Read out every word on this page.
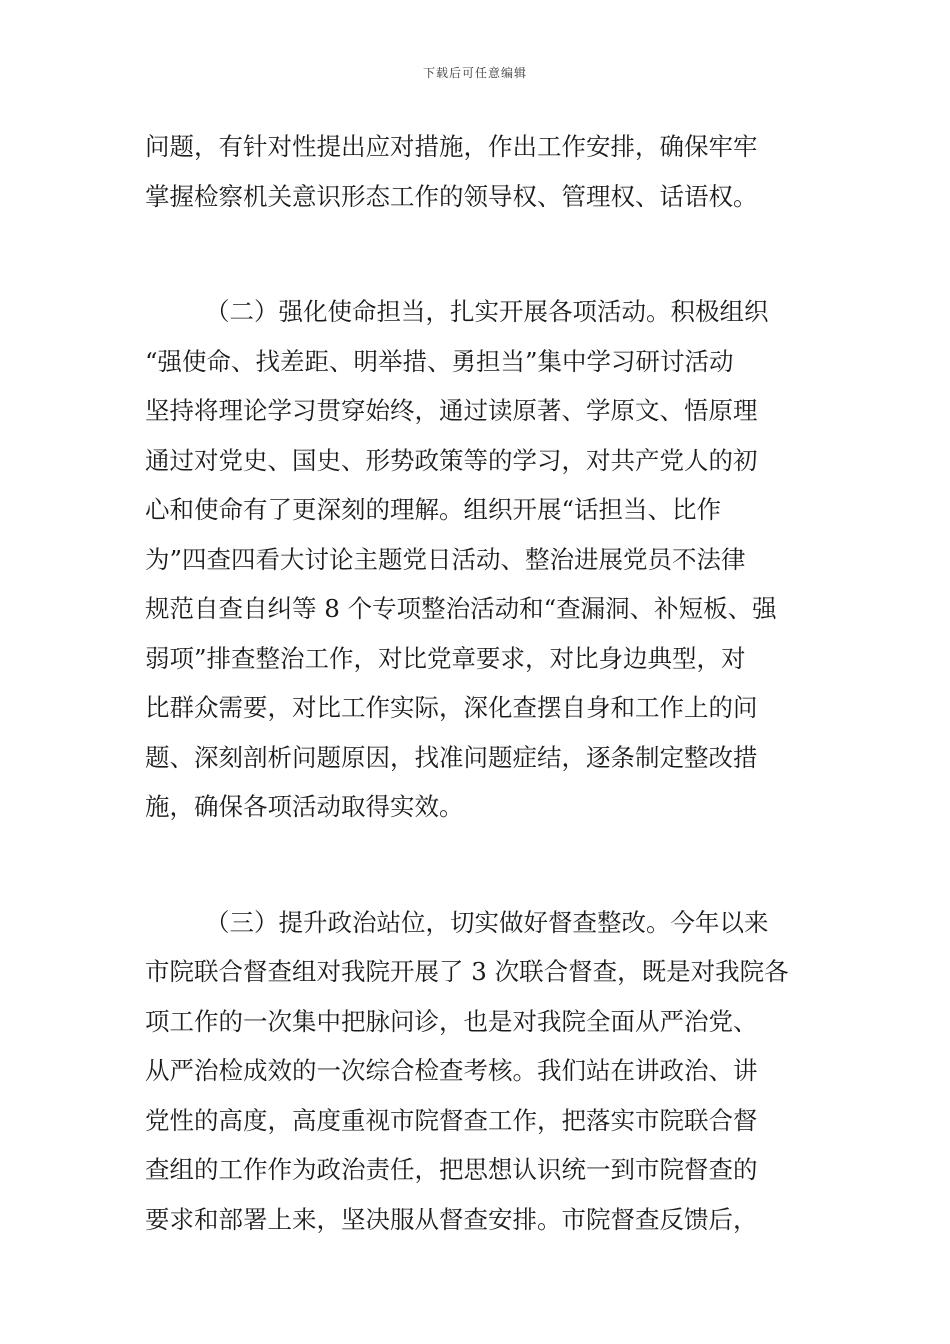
下载后可任意编辑
问题，有针对性提出应对措施，作出工作安排，确保牢牢
掌握检察机关意识形态工作的领导权、管理权、话语权。
（二）强化使命担当，扎实开展各项活动。积极组织
“强使命、找差距、明举措、勇担当”集中学习研讨活动
坚持将理论学习贯穿始终，通过读原著、学原文、悟原理
通过对党史、国史、形势政策等的学习，对共产党人的初
心和使命有了更深刻的理解。组织开展“话担当、比作
为”四查四看大讨论主题党日活动、整治进展党员不法律
规范自查自纠等 8 个专项整治活动和“查漏洞、补短板、强
弱项”排查整治工作，对比党章要求，对比身边典型，对
比群众需要，对比工作实际，深化查摆自身和工作上的问
题、深刻剖析问题原因，找准问题症结，逐条制定整改措
施，确保各项活动取得实效。
（三）提升政治站位，切实做好督查整改。今年以来
市院联合督查组对我院开展了 3 次联合督查，既是对我院各
项工作的一次集中把脉问诊，也是对我院全面从严治党、
从严治检成效的一次综合检查考核。我们站在讲政治、讲
党性的高度，高度重视市院督查工作，把落实市院联合督
查组的工作作为政治责任，把思想认识统一到市院督查的
要求和部署上来，坚决服从督查安排。市院督查反馈后，
